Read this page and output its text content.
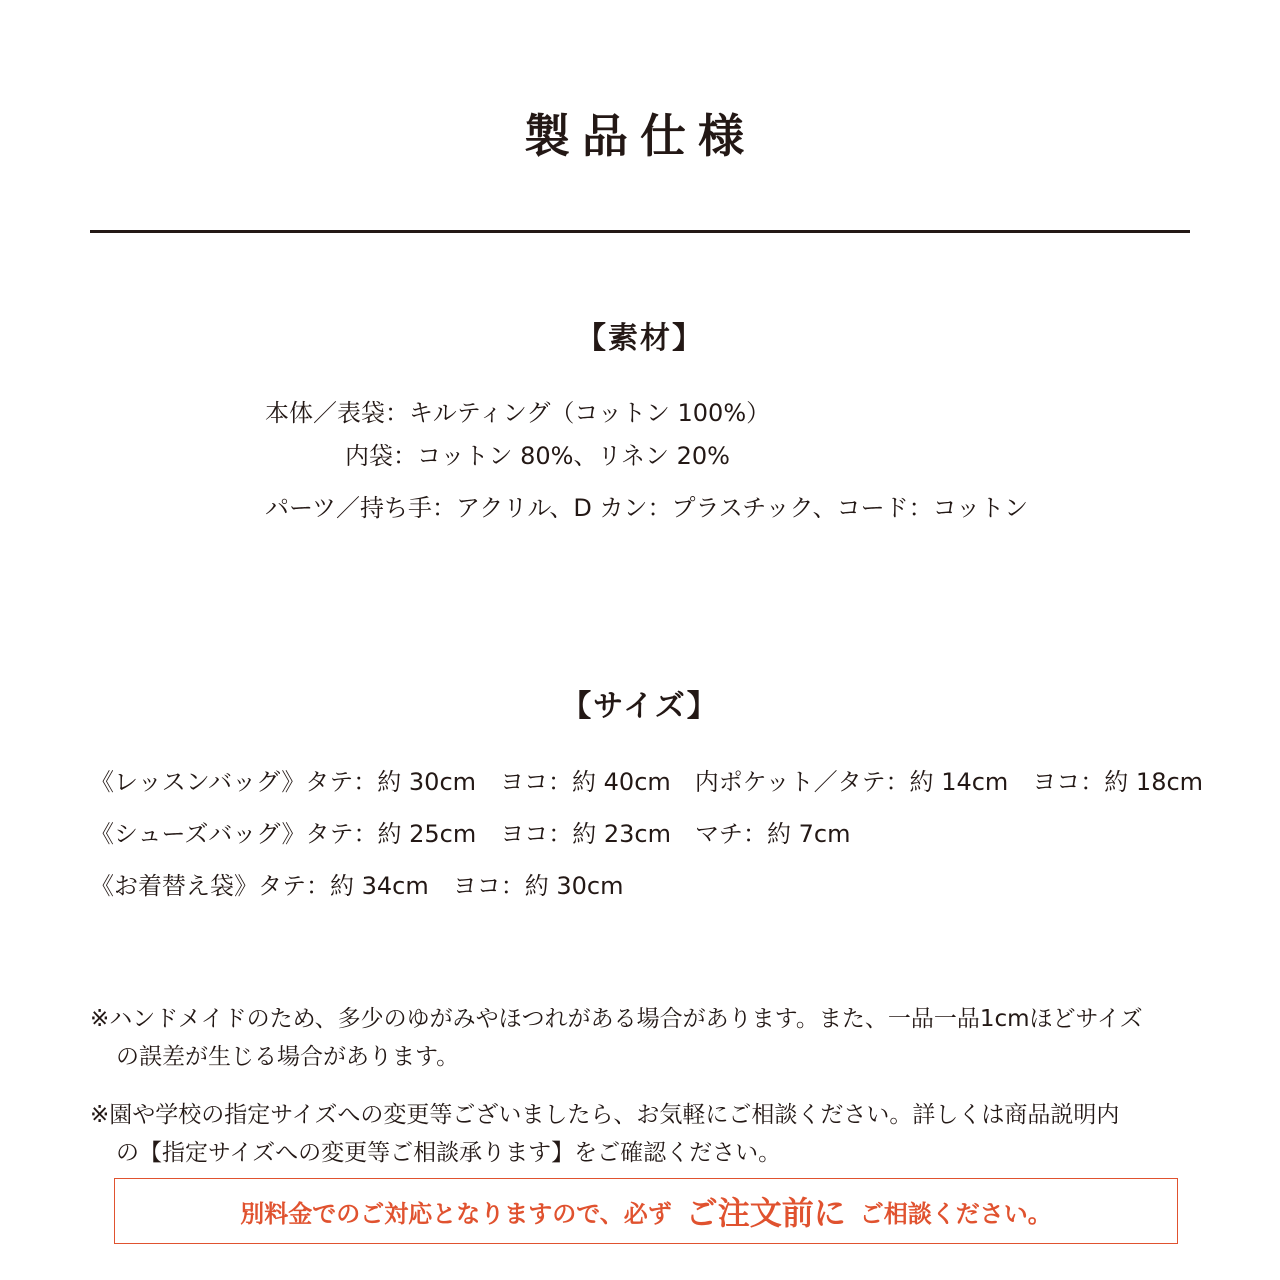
製品仕様
【素材】
本体／表袋：キルティング（コットン 100%）
内袋：コットン 80%、リネン 20%
パーツ／持ち手：アクリル、D カン：プラスチック、コード：コットン
【サイズ】
《レッスンバッグ》タテ：約 30cm　ヨコ：約 40cm　内ポケット／タテ：約 14cm　ヨコ：約 18cm
《シューズバッグ》タテ：約 25cm　ヨコ：約 23cm　マチ：約 7cm
《お着替え袋》タテ：約 34cm　ヨコ：約 30cm
※ハンドメイドのため、多少のゆがみやほつれがある場合があります。また、一品一品1cmほどサイズ
の誤差が生じる場合があります。
※園や学校の指定サイズへの変更等ございましたら、お気軽にご相談ください。詳しくは商品説明内
の【指定サイズへの変更等ご相談承ります】をご確認ください。
別料金でのご対応となりますので、必ず ご注文前に ご相談ください。
